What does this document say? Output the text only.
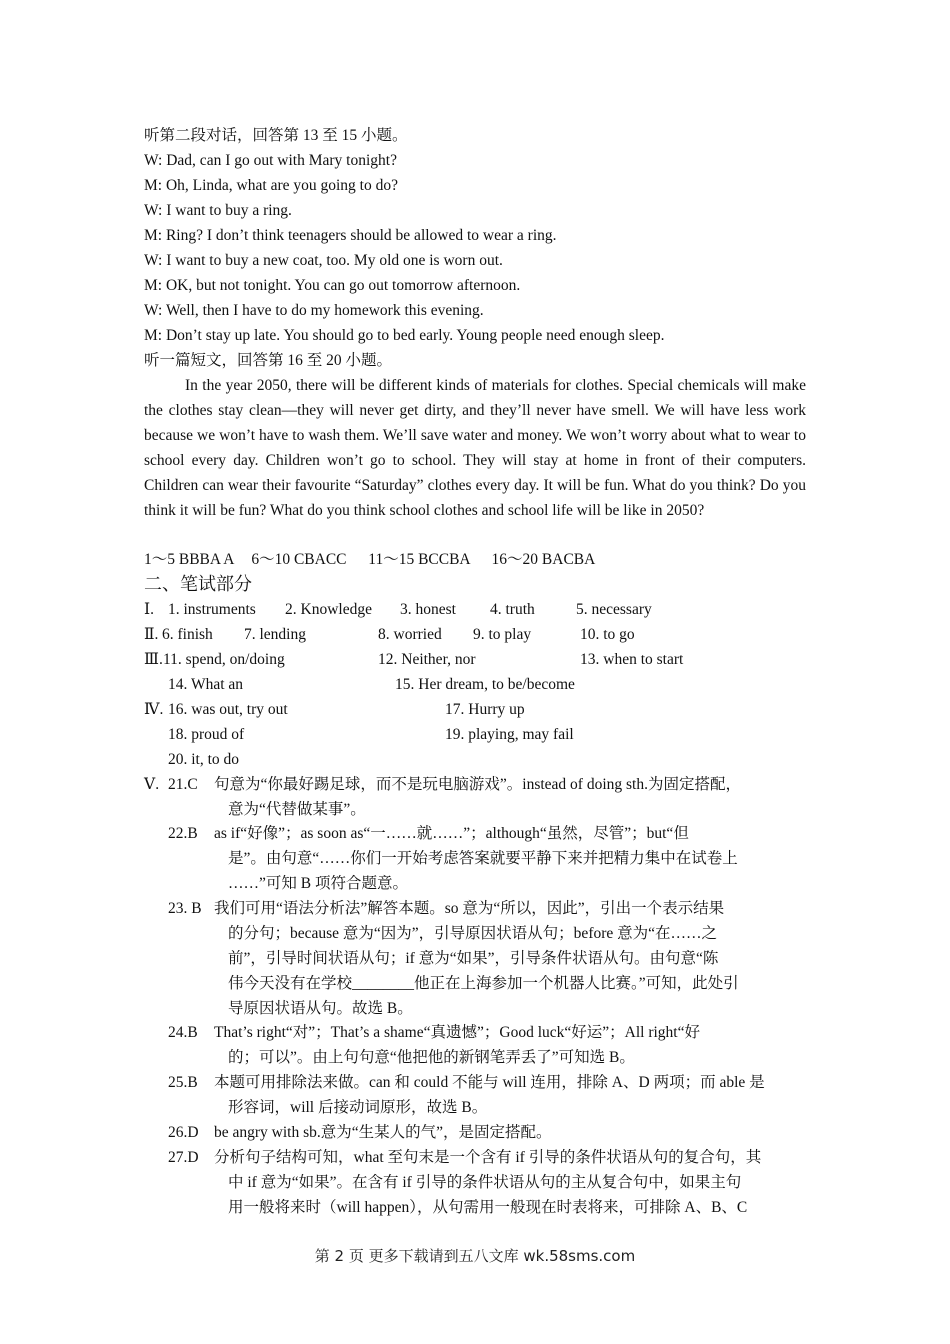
听第二段对话，回答第 13 至 15 小题。
W: Dad, can I go out with Mary tonight?
M: Oh, Linda, what are you going to do?
W: I want to buy a ring.
M: Ring? I don’t think teenagers should be allowed to wear a ring.
W: I want to buy a new coat, too. My old one is worn out.
M: OK, but not tonight. You can go out tomorrow afternoon.
W: Well, then I have to do my homework this evening.
M: Don’t stay up late. You should go to bed early. Young people need enough sleep.
听一篇短文，回答第 16 至 20 小题。
In the year 2050, there will be different kinds of materials for clothes. Special chemicals will make the clothes stay clean—they will never get dirty, and they’ll never have smell. We will have less work because we won’t have to wash them. We’ll save water and money. We won’t worry about what to wear to school every day. Children won’t go to school. They will stay at home in front of their computers. Children can wear their favourite “Saturday” clothes every day. It will be fun. What do you think? Do you think it will be fun? What do you think school clothes and school life will be like in 2050?
1～5 BBBA A 6～10 CBACC 11～15 BCCBA 16～20 BACBA
二、笔试部分
Ⅰ. 1. instruments 2. Knowledge 3. honest 4. truth	5. necessary
Ⅱ. 6. finish 7. lending	8. worried 9. to play	10. to go
Ⅲ. 11. spend, on/doing	12. Neither, nor	13. when to start
14. What an	15. Her dream, to be/become
Ⅳ. 16. was out, try out	17. Hurry up
18. proud of	19. playing, may fail
20. it, to do
Ⅴ. 21.C 句意为“你最好踢足球，而不是玩电脑游戏”。instead of doing sth.为固定搭配，
意为“代替做某事”。
22.B as if“好像”；as soon as“一……就……”；although“虽然，尽管”；but“但
是”。由句意“……你们一开始考虑答案就要平静下来并把精力集中在试卷上
……”可知 B 项符合题意。
23. B 我们可用“语法分析法”解答本题。so 意为“所以，因此”，引出一个表示结果
的分句；because 意为“因为”，引导原因状语从句；before 意为“在……之
前”，引导时间状语从句；if 意为“如果”，引导条件状语从句。由句意“陈
伟今天没有在学校________他正在上海参加一个机器人比赛。”可知，此处引
导原因状语从句。故选 B。
24.B That’s right“对”；That’s a shame“真遗憾”；Good luck“好运”；All right“好
的；可以”。由上句句意“他把他的新钢笔弄丢了”可知选 B。
25.B 本题可用排除法来做。can 和 could 不能与 will 连用，排除 A、D 两项；而 able 是
形容词，will 后接动词原形，故选 B。
26.D be angry with sb.意为“生某人的气”，是固定搭配。
27.D 分析句子结构可知，what 至句末是一个含有 if 引导的条件状语从句的复合句，其
中 if 意为“如果”。在含有 if 引导的条件状语从句的主从复合句中，如果主句
用一般将来时（will happen），从句需用一般现在时表将来，可排除 A、B、C
第 2 页 更多下载请到五八文库 wk.58sms.com
